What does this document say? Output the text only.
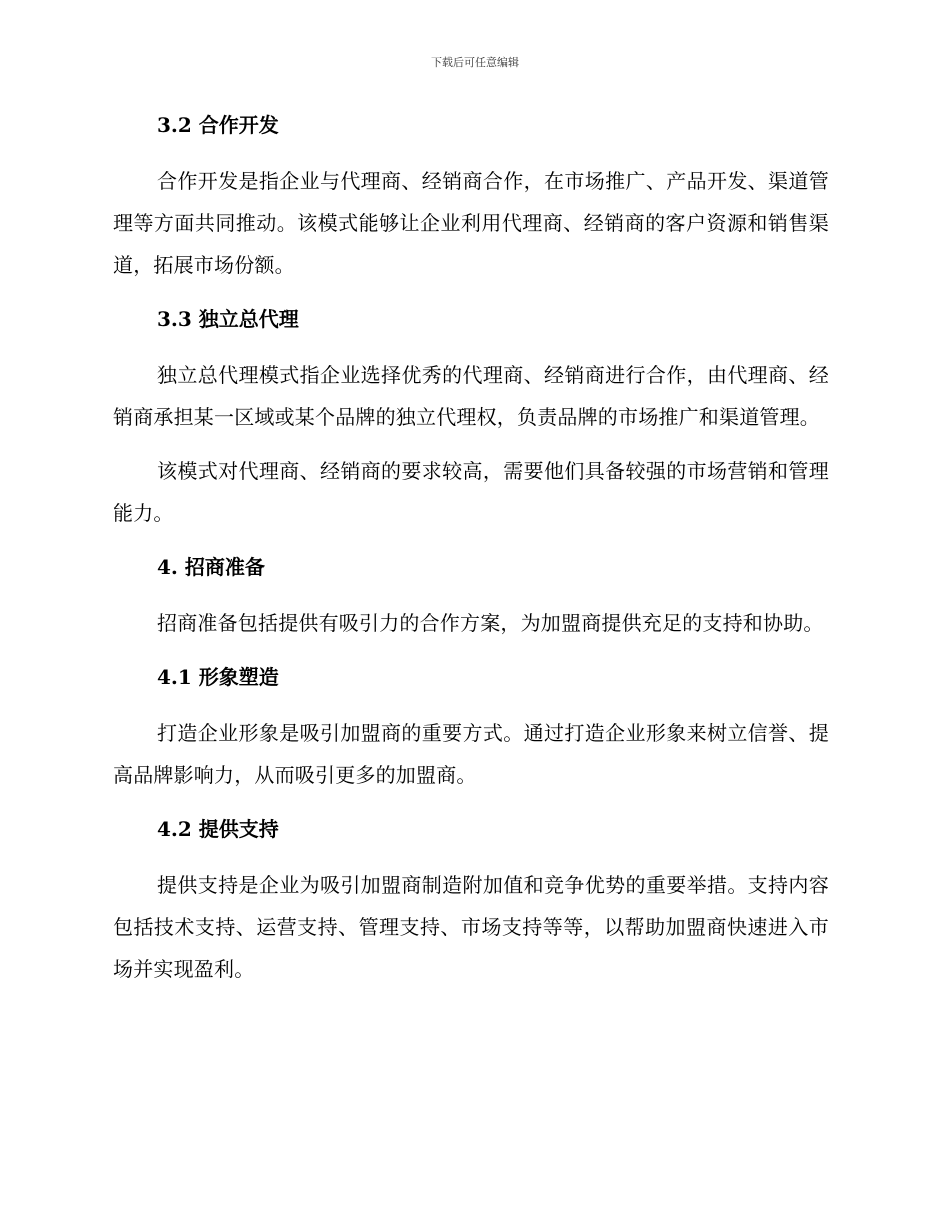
下载后可任意编辑
3.2 合作开发

合作开发是指企业与代理商、经销商合作，在市场推广、产品开发、渠道管理等方面共同推动。该模式能够让企业利用代理商、经销商的客户资源和销售渠道，拓展市场份额。

3.3 独立总代理

独立总代理模式指企业选择优秀的代理商、经销商进行合作，由代理商、经销商承担某一区域或某个品牌的独立代理权，负责品牌的市场推广和渠道管理。

该模式对代理商、经销商的要求较高，需要他们具备较强的市场营销和管理能力。

4. 招商准备

招商准备包括提供有吸引力的合作方案，为加盟商提供充足的支持和协助。

4.1 形象塑造

打造企业形象是吸引加盟商的重要方式。通过打造企业形象来树立信誉、提高品牌影响力，从而吸引更多的加盟商。

4.2 提供支持

提供支持是企业为吸引加盟商制造附加值和竞争优势的重要举措。支持内容包括技术支持、运营支持、管理支持、市场支持等等，以帮助加盟商快速进入市场并实现盈利。
